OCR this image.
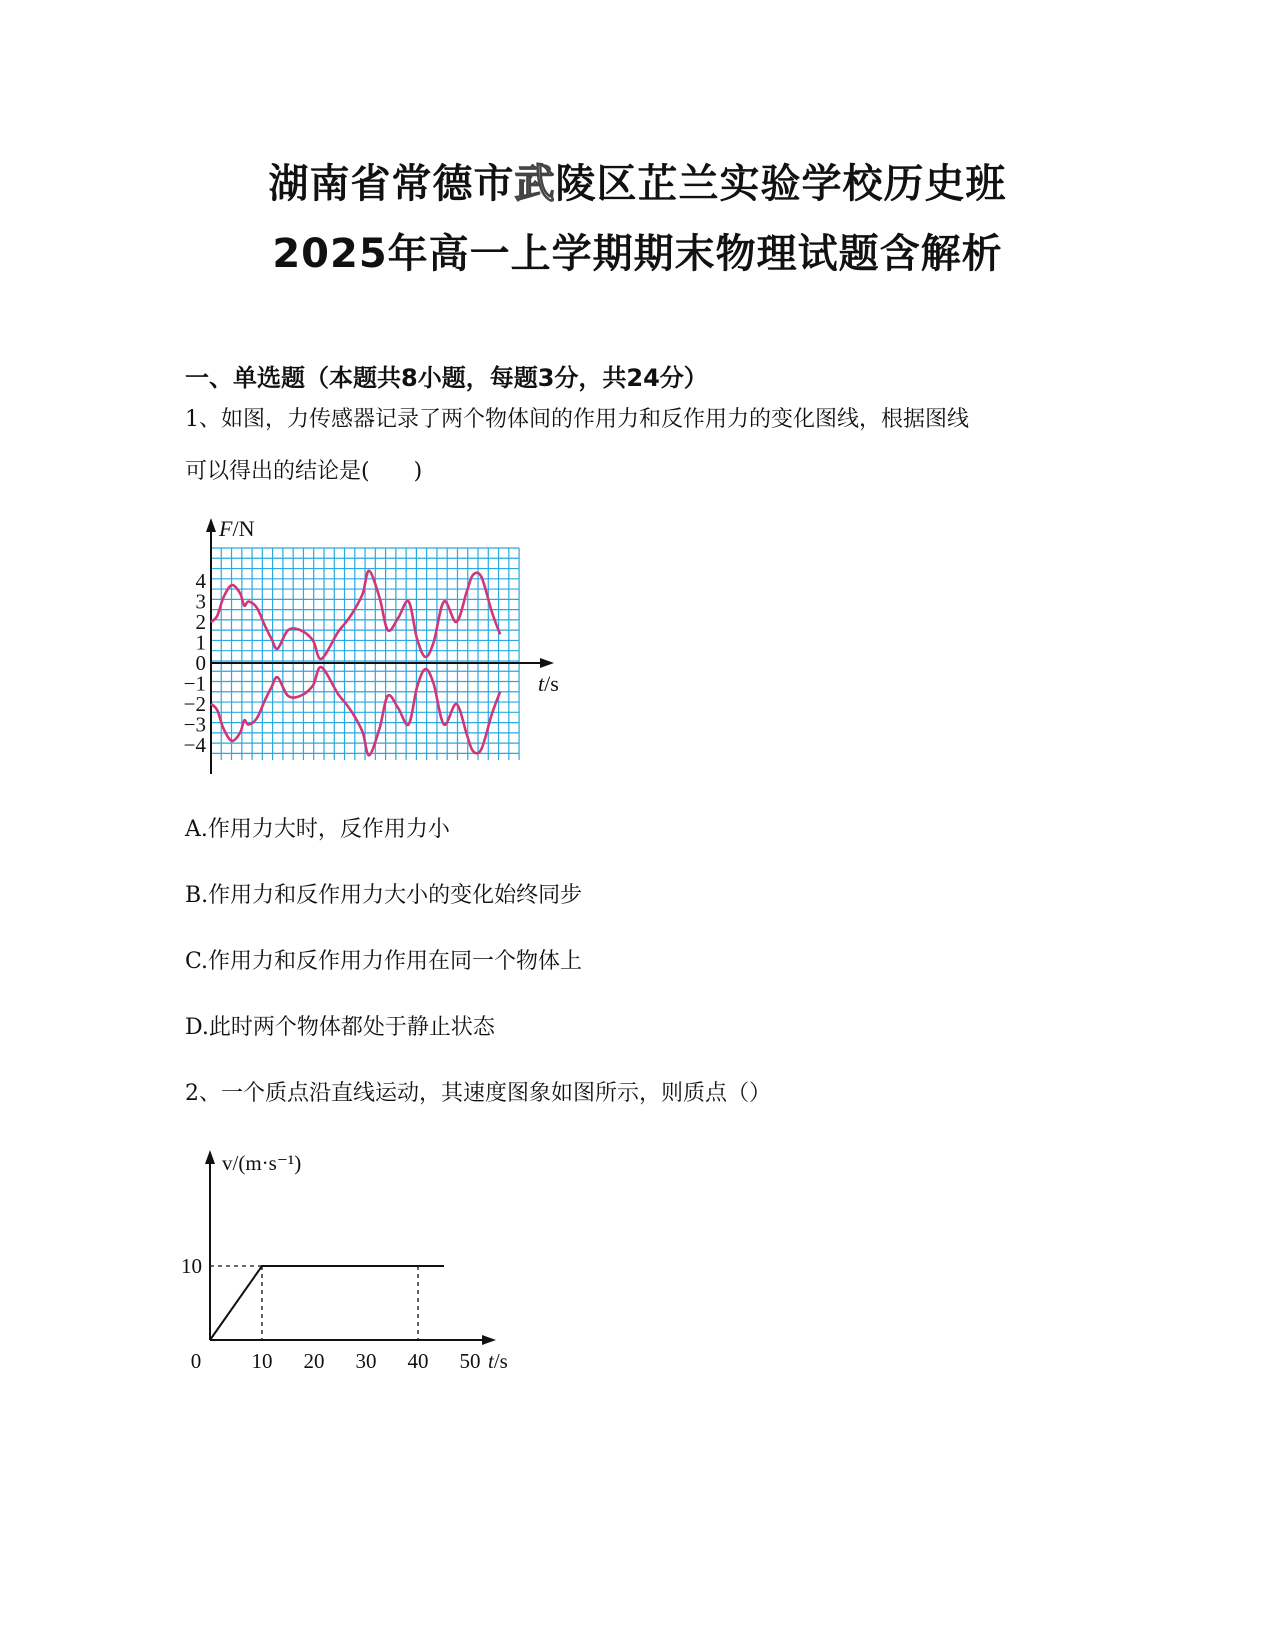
湖南省常德市武陵区芷兰实验学校历史班
2025年高一上学期期末物理试题含解析
一、单选题（本题共8小题，每题3分，共24分）
1、如图，力传感器记录了两个物体间的作用力和反作用力的变化图线，根据图线
可以得出的结论是(　　)
4
3
2
1
0
−1
−2
−3
−4
F/N
t/s
A.作用力大时，反作用力小
B.作用力和反作用力大小的变化始终同步
C.作用力和反作用力作用在同一个物体上
D.此时两个物体都处于静止状态
2、一个质点沿直线运动，其速度图象如图所示，则质点（）
0 10 20 30 40 50
10
v/(m·s⁻¹)
t/s
